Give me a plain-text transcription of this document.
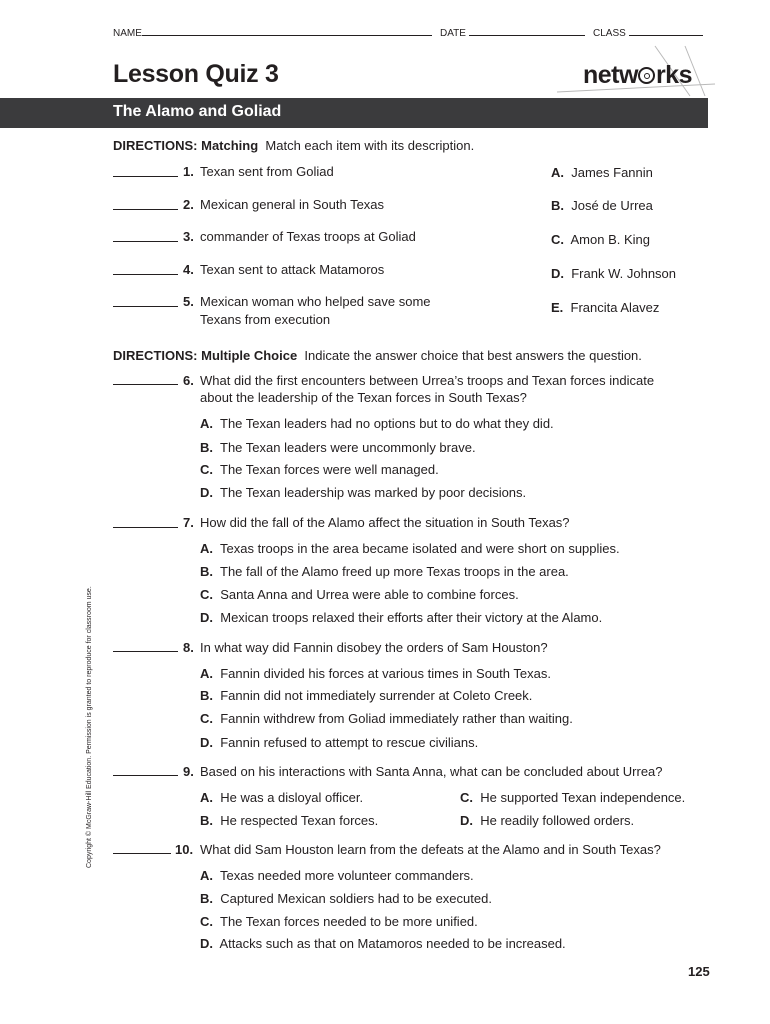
NAME	DATE	CLASS
Lesson Quiz 3	netw rks
The Alamo and Goliad
DIRECTIONS: Matching Match each item with its description.
1. Texan sent from Goliad
2. Mexican general in South Texas
3. commander of Texas troops at Goliad
4. Texan sent to attack Matamoros
5. Mexican woman who helped save some
Texans from execution
A. James Fannin
B. José de Urrea
C. Amon B. King
D. Frank W. Johnson
E. Francita Alavez
DIRECTIONS: Multiple Choice Indicate the answer choice that best answers the question.
6. What did the first encounters between Urrea’s troops and Texan forces indicate
about the leadership of the Texan forces in South Texas?
A. The Texan leaders had no options but to do what they did.
B. The Texan leaders were uncommonly brave.
C. The Texan forces were well managed.
D. The Texan leadership was marked by poor decisions.
7. How did the fall of the Alamo affect the situation in South Texas?
A. Texas troops in the area became isolated and were short on supplies.
B. The fall of the Alamo freed up more Texas troops in the area.
C. Santa Anna and Urrea were able to combine forces.
D. Mexican troops relaxed their efforts after their victory at the Alamo.
8. In what way did Fannin disobey the orders of Sam Houston?
A. Fannin divided his forces at various times in South Texas.
B. Fannin did not immediately surrender at Coleto Creek.
C. Fannin withdrew from Goliad immediately rather than waiting.
D. Fannin refused to attempt to rescue civilians.
9. Based on his interactions with Santa Anna, what can be concluded about Urrea?
A. He was a disloyal officer.
B. He respected Texan forces.
C. He supported Texan independence.
D. He readily followed orders.
10. What did Sam Houston learn from the defeats at the Alamo and in South Texas?
A. Texas needed more volunteer commanders.
B. Captured Mexican soldiers had to be executed.
C. The Texan forces needed to be more unified.
D. Attacks such as that on Matamoros needed to be increased.
Copyright © McGraw-Hill Education. Permission is granted to reproduce for classroom use.
125
